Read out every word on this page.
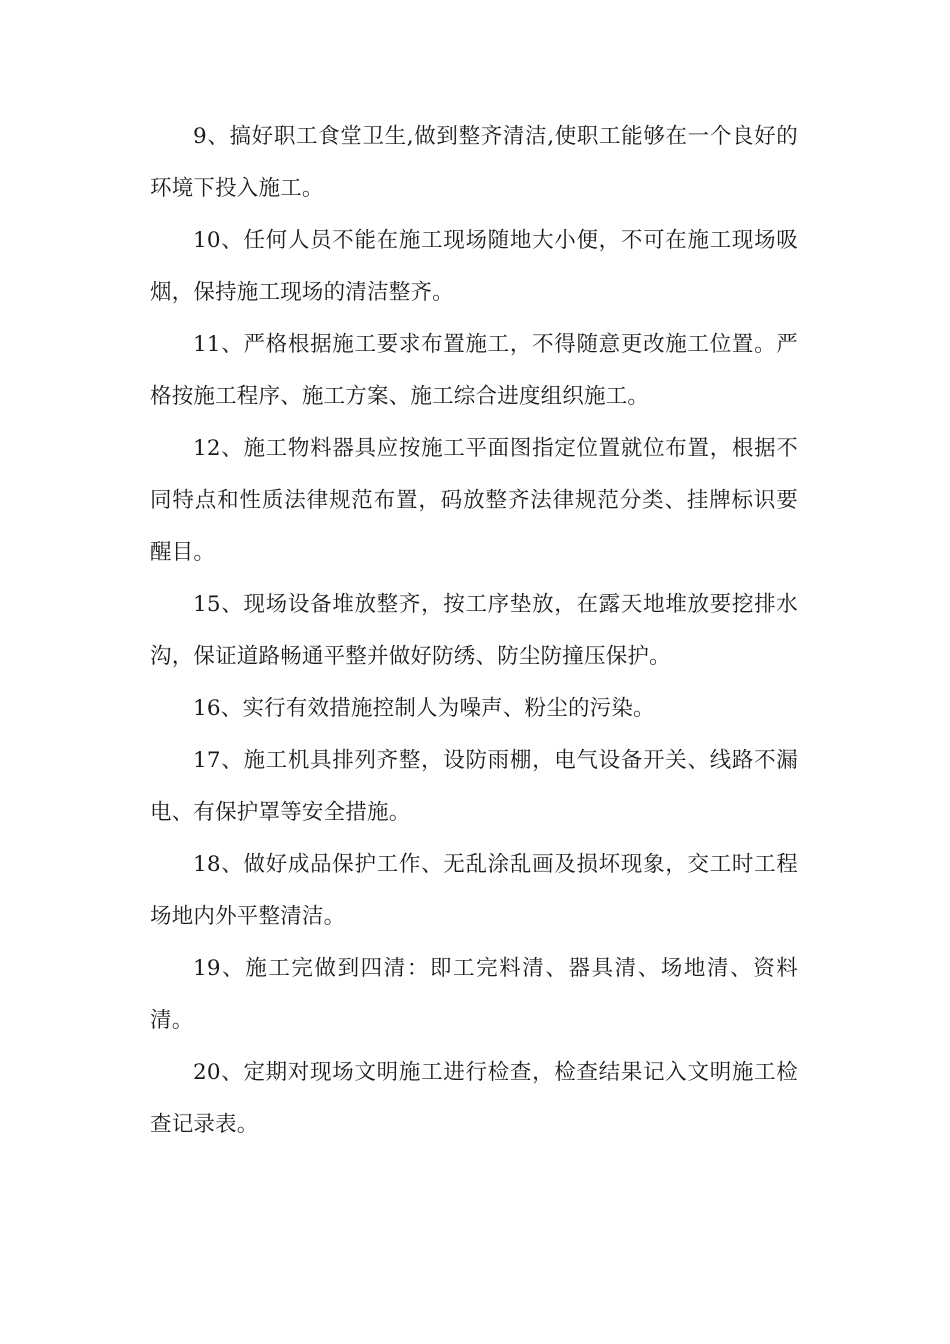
9、搞好职工食堂卫生,做到整齐清洁,使职工能够在一个良好的环境下投入施工。

10、任何人员不能在施工现场随地大小便，不可在施工现场吸烟，保持施工现场的清洁整齐。

11、严格根据施工要求布置施工，不得随意更改施工位置。严格按施工程序、施工方案、施工综合进度组织施工。

12、施工物料器具应按施工平面图指定位置就位布置，根据不同特点和性质法律规范布置，码放整齐法律规范分类、挂牌标识要醒目。

15、现场设备堆放整齐，按工序垫放，在露天地堆放要挖排水沟，保证道路畅通平整并做好防绣、防尘防撞压保护。

16、实行有效措施控制人为噪声、粉尘的污染。

17、施工机具排列齐整，设防雨棚，电气设备开关、线路不漏电、有保护罩等安全措施。

18、做好成品保护工作、无乱涂乱画及损坏现象，交工时工程场地内外平整清洁。

19、施工完做到四清：即工完料清、器具清、场地清、资料清。

20、定期对现场文明施工进行检查，检查结果记入文明施工检查记录表。
